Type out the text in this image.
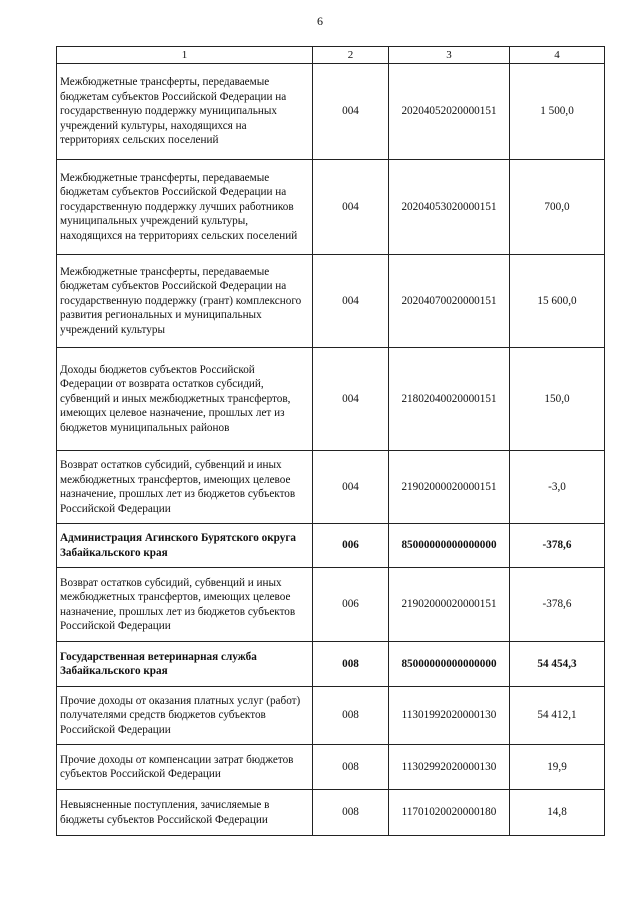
6
1	2	3	4
Межбюджетные трансферты, передаваемые бюджетам субъектов Российской Федерации на государственную поддержку муниципальных учреждений культуры, находящихся на территориях сельских поселений	004	20204052020000151	1 500,0
Межбюджетные трансферты, передаваемые бюджетам субъектов Российской Федерации на государственную поддержку лучших работников муниципальных учреждений культуры, находящихся на территориях сельских поселений	004	20204053020000151	700,0
Межбюджетные трансферты, передаваемые бюджетам субъектов Российской Федерации на государственную поддержку (грант) комплексного развития региональных и муниципальных учреждений культуры	004	20204070020000151	15 600,0
Доходы бюджетов субъектов Российской Федерации от возврата остатков субсидий, субвенций и иных межбюджетных трансфертов, имеющих целевое назначение, прошлых лет из бюджетов муниципальных районов	004	21802040020000151	150,0
Возврат остатков субсидий, субвенций и иных межбюджетных трансфертов, имеющих целевое назначение, прошлых лет из бюджетов субъектов Российской Федерации	004	21902000020000151	-3,0
Администрация Агинского Бурятского округа Забайкальского края	006	85000000000000000	-378,6
Возврат остатков субсидий, субвенций и иных межбюджетных трансфертов, имеющих целевое назначение, прошлых лет из бюджетов субъектов Российской Федерации	006	21902000020000151	-378,6
Государственная ветеринарная служба Забайкальского края	008	85000000000000000	54 454,3
Прочие доходы от оказания платных услуг (работ) получателями средств бюджетов субъектов Российской Федерации	008	11301992020000130	54 412,1
Прочие доходы от компенсации затрат бюджетов субъектов Российской Федерации	008	11302992020000130	19,9
Невыясненные поступления, зачисляемые в бюджеты субъектов Российской Федерации	008	11701020020000180	14,8
